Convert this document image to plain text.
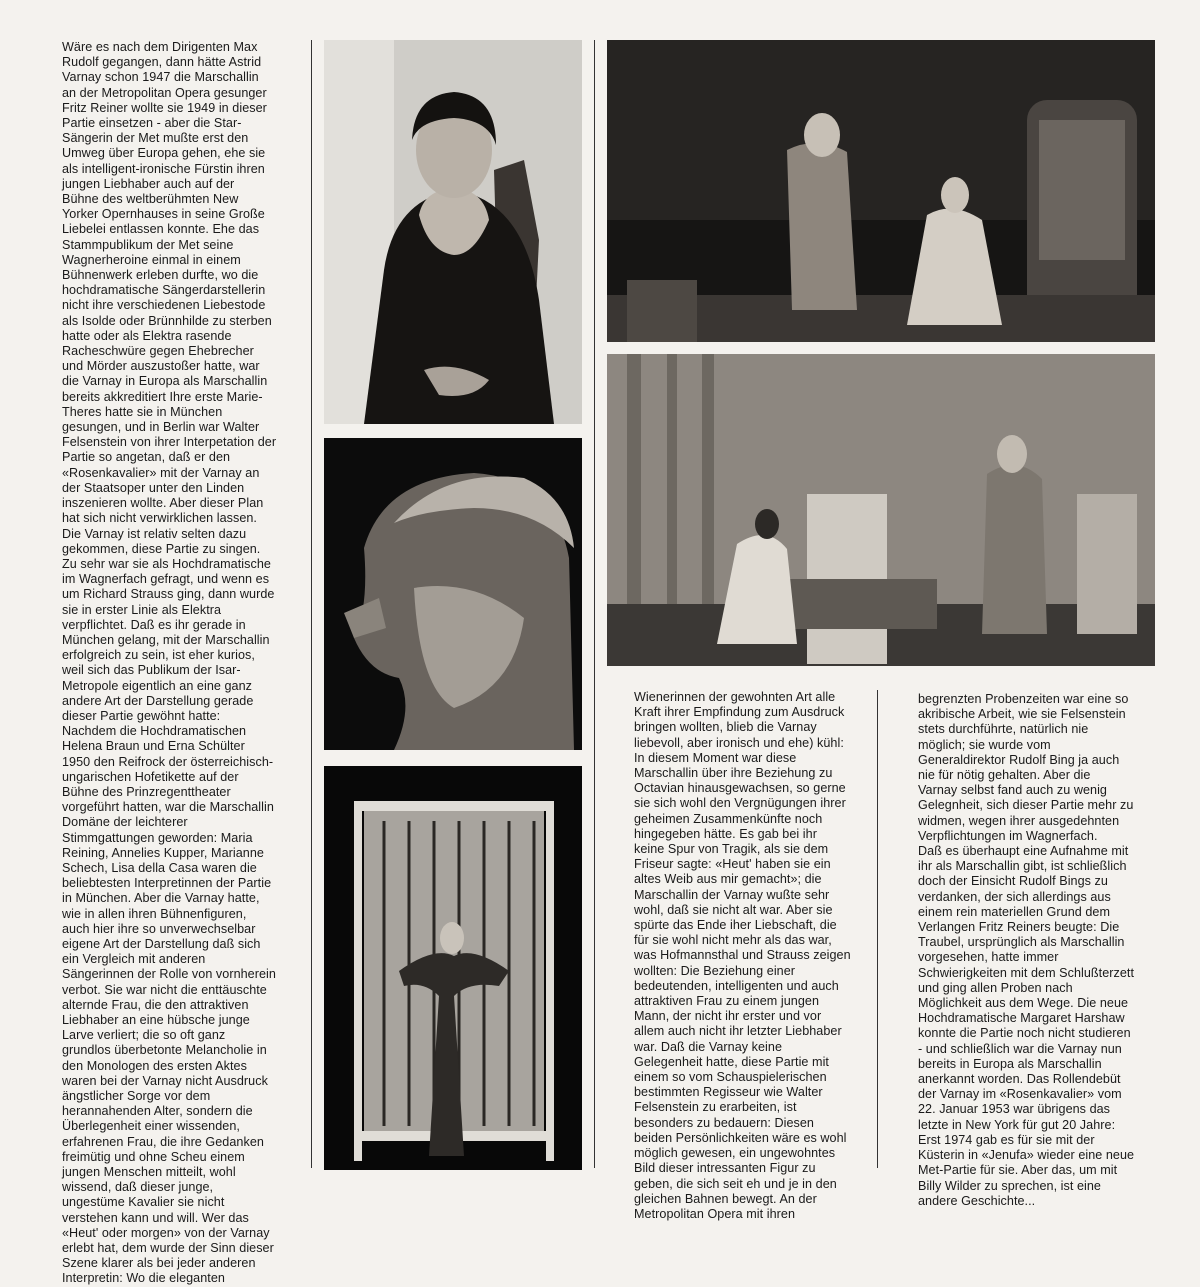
Wäre es nach dem Dirigenten Max
Rudolf gegangen, dann hätte Astrid
Varnay schon 1947 die Marschallin
an der Metropolitan Opera gesunger
Fritz Reiner wollte sie 1949 in dieser
Partie einsetzen - aber die Star-
Sängerin der Met mußte erst den
Umweg über Europa gehen, ehe sie
als intelligent-ironische Fürstin ihren
jungen Liebhaber auch auf der
Bühne des weltberühmten New
Yorker Opernhauses in seine Große
Liebelei entlassen konnte. Ehe das
Stammpublikum der Met seine
Wagnerheroine einmal in einem
Bühnenwerk erleben durfte, wo die
hochdramatische Sängerdarstellerin
nicht ihre verschiedenen Liebestode
als Isolde oder Brünnhilde zu sterben
hatte oder als Elektra rasende
Racheschwüre gegen Ehebrecher
und Mörder auszustoßer hatte, war
die Varnay in Europa als Marschallin
bereits akkreditiert Ihre erste Marie-
Theres hatte sie in München
gesungen, und in Berlin war Walter
Felsenstein von ihrer Interpetation der
Partie so angetan, daß er den
«Rosenkavalier» mit der Varnay an
der Staatsoper unter den Linden
inszenieren wollte. Aber dieser Plan
hat sich nicht verwirklichen lassen.
Die Varnay ist relativ selten dazu
gekommen, diese Partie zu singen.
Zu sehr war sie als Hochdramatische
im Wagnerfach gefragt, und wenn es
um Richard Strauss ging, dann wurde
sie in erster Linie als Elektra
verpflichtet. Daß es ihr gerade in
München gelang, mit der Marschallin
erfolgreich zu sein, ist eher kurios,
weil sich das Publikum der Isar-
Metropole eigentlich an eine ganz
andere Art der Darstellung gerade
dieser Partie gewöhnt hatte:
Nachdem die Hochdramatischen
Helena Braun und Erna Schülter
1950 den Reifrock der österreichisch-
ungarischen Hofetikette auf der
Bühne des Prinzregenttheater
vorgeführt hatten, war die Marschallin
Domäne der leichterer
Stimmgattungen geworden: Maria
Reining, Annelies Kupper, Marianne
Schech, Lisa della Casa waren die
beliebtesten Interpretinnen der Partie
in München. Aber die Varnay hatte,
wie in allen ihren Bühnenfiguren,
auch hier ihre so unverwechselbar
eigene Art der Darstellung daß sich
ein Vergleich mit anderen
Sängerinnen der Rolle von vornherein
verbot. Sie war nicht die enttäuschte
alternde Frau, die den attraktiven
Liebhaber an eine hübsche junge
Larve verliert; die so oft ganz
grundlos überbetonte Melancholie in
den Monologen des ersten Aktes
waren bei der Varnay nicht Ausdruck
ängstlicher Sorge vor dem
herannahenden Alter, sondern die
Überlegenheit einer wissenden,
erfahrenen Frau, die ihre Gedanken
freimütig und ohne Scheu einem
jungen Menschen mitteilt, wohl
wissend, daß dieser junge,
ungestüme Kavalier sie nicht
verstehen kann und will. Wer das
«Heut' oder morgen» von der Varnay
erlebt hat, dem wurde der Sinn dieser
Szene klarer als bei jeder anderen
Interpretin: Wo die eleganten
Wienerinnen der gewohnten Art alle
Kraft ihrer Empfindung zum Ausdruck
bringen wollten, blieb die Varnay
liebevoll, aber ironisch und ehe) kühl:
In diesem Moment war diese
Marschallin über ihre Beziehung zu
Octavian hinausgewachsen, so gerne
sie sich wohl den Vergnügungen ihrer
geheimen Zusammenkünfte noch
hingegeben hätte. Es gab bei ihr
keine Spur von Tragik, als sie dem
Friseur sagte: «Heut' haben sie ein
altes Weib aus mir gemacht»; die
Marschallin der Varnay wußte sehr
wohl, daß sie nicht alt war. Aber sie
spürte das Ende iher Liebschaft, die
für sie wohl nicht mehr als das war,
was Hofmannsthal und Strauss zeigen
wollten: Die Beziehung einer
bedeutenden, intelligenten und auch
attraktiven Frau zu einem jungen
Mann, der nicht ihr erster und vor
allem auch nicht ihr letzter Liebhaber
war. Daß die Varnay keine
Gelegenheit hatte, diese Partie mit
einem so vom Schauspielerischen
bestimmten Regisseur wie Walter
Felsenstein zu erarbeiten, ist
besonders zu bedauern: Diesen
beiden Persönlichkeiten wäre es wohl
möglich gewesen, ein ungewohntes
Bild dieser intressanten Figur zu
geben, die sich seit eh und je in den
gleichen Bahnen bewegt. An der
Metropolitan Opera mit ihren
begrenzten Probenzeiten war eine so
akribische Arbeit, wie sie Felsenstein
stets durchführte, natürlich nie
möglich; sie wurde vom
Generaldirektor Rudolf Bing ja auch
nie für nötig gehalten. Aber die
Varnay selbst fand auch zu wenig
Gelegnheit, sich dieser Partie mehr zu
widmen, wegen ihrer ausgedehnten
Verpflichtungen im Wagnerfach.
Daß es überhaupt eine Aufnahme mit
ihr als Marschallin gibt, ist schließlich
doch der Einsicht Rudolf Bings zu
verdanken, der sich allerdings aus
einem rein materiellen Grund dem
Verlangen Fritz Reiners beugte: Die
Traubel, ursprünglich als Marschallin
vorgesehen, hatte immer
Schwierigkeiten mit dem Schlußterzett
und ging allen Proben nach
Möglichkeit aus dem Wege. Die neue
Hochdramatische Margaret Harshaw
konnte die Partie noch nicht studieren
- und schließlich war die Varnay nun
bereits in Europa als Marschallin
anerkannt worden. Das Rollendebüt
der Varnay im «Rosenkavalier» vom
22. Januar 1953 war übrigens das
letzte in New York für gut 20 Jahre:
Erst 1974 gab es für sie mit der
Küsterin in «Jenufa» wieder eine neue
Met-Partie für sie. Aber das, um mit
Billy Wilder zu sprechen, ist eine
andere Geschichte...
